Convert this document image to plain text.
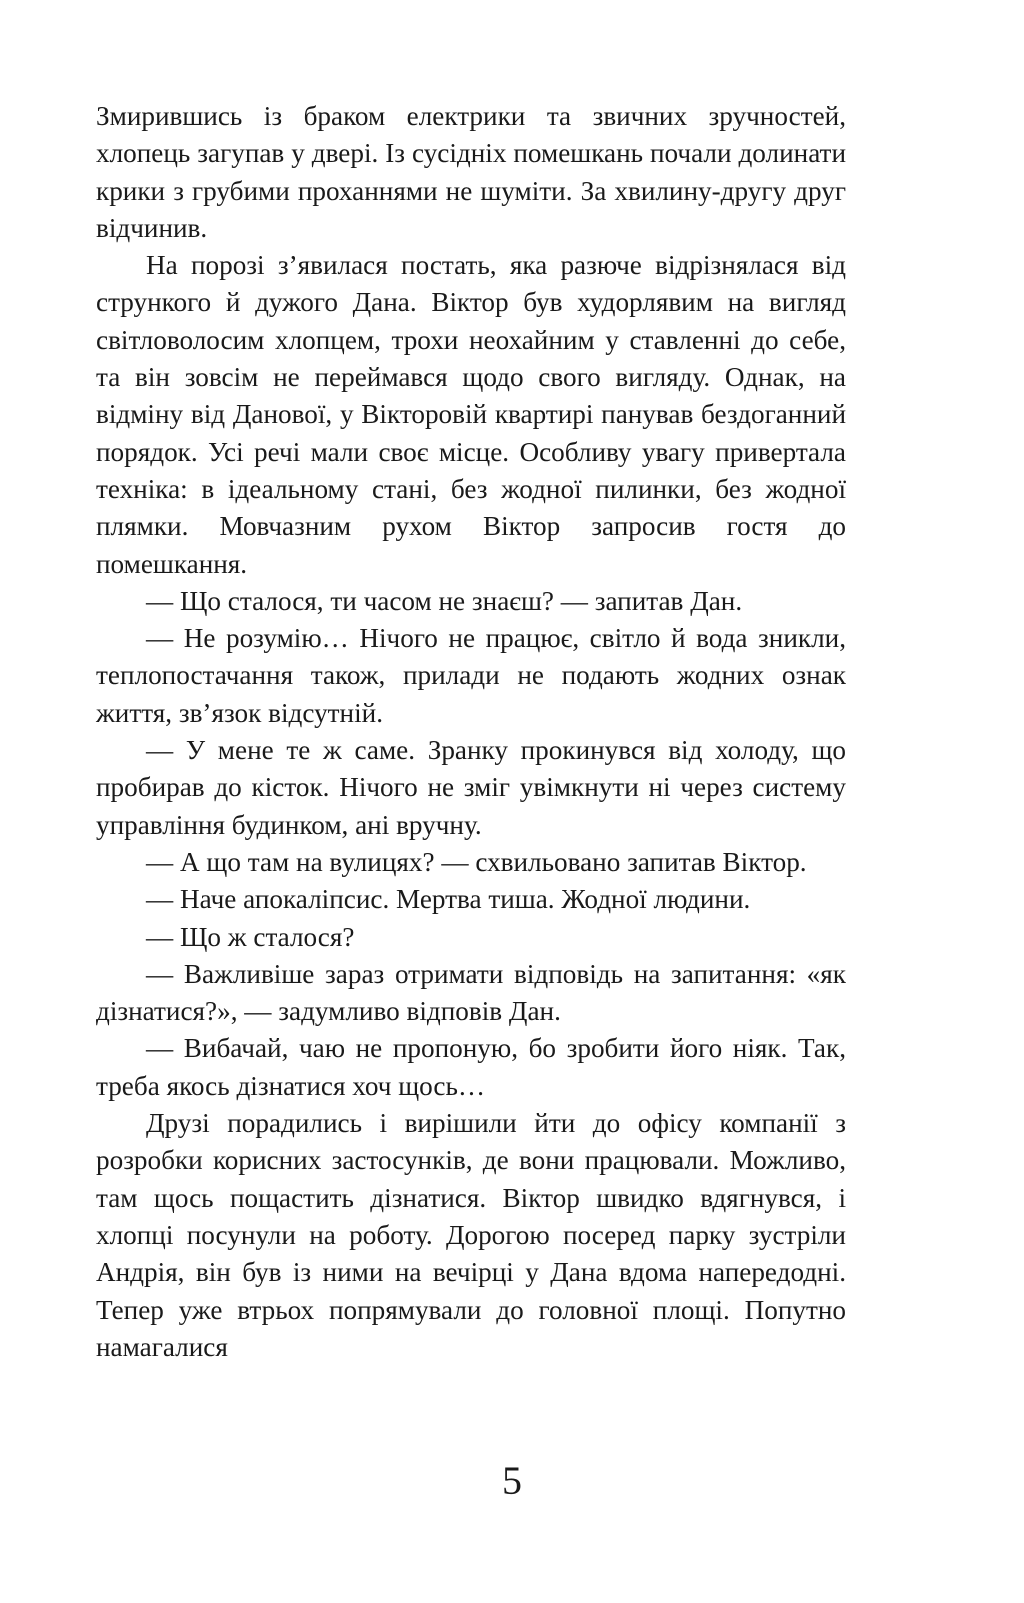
Змирившись із браком електрики та звичних зручностей, хлопець загупав у двері. Із сусідніх помешкань почали долинати крики з грубими проханнями не шуміти. За хвилину-другу друг відчинив.

На порозі з’явилася постать, яка разюче відрізнялася від стрункого й дужого Дана. Віктор був худорлявим на вигляд світловолосим хлопцем, трохи неохайним у ставленні до себе, та він зовсім не переймався щодо свого вигляду. Однак, на відміну від Данової, у Вікторовій квартирі панував бездоганний порядок. Усі речі мали своє місце. Особливу увагу привертала техніка: в ідеальному стані, без жодної пилинки, без жодної плямки. Мовчазним рухом Віктор запросив гостя до помешкання.

— Що сталося, ти часом не знаєш? — запитав Дан.

— Не розумію… Нічого не працює, світло й вода зникли, теплопостачання також, прилади не подають жодних ознак життя, зв’язок відсутній.

— У мене те ж саме. Зранку прокинувся від холоду, що пробирав до кісток. Нічого не зміг увімкнути ні через систему управління будинком, ані вручну.

— А що там на вулицях? — схвильовано запитав Віктор.

— Наче апокаліпсис. Мертва тиша. Жодної людини.

— Що ж сталося?

— Важливіше зараз отримати відповідь на запитання: «як дізнатися?», — задумливо відповів Дан.

— Вибачай, чаю не пропоную, бо зробити його ніяк. Так, треба якось дізнатися хоч щось…

Друзі порадились і вирішили йти до офісу компанії з розробки корисних застосунків, де вони працювали. Можливо, там щось пощастить дізнатися. Віктор швидко вдягнувся, і хлопці посунули на роботу. Дорогою посеред парку зустріли Андрія, він був із ними на вечірці у Дана вдома напередодні. Тепер уже втрьох попрямували до головної площі. Попутно намагалися

5
